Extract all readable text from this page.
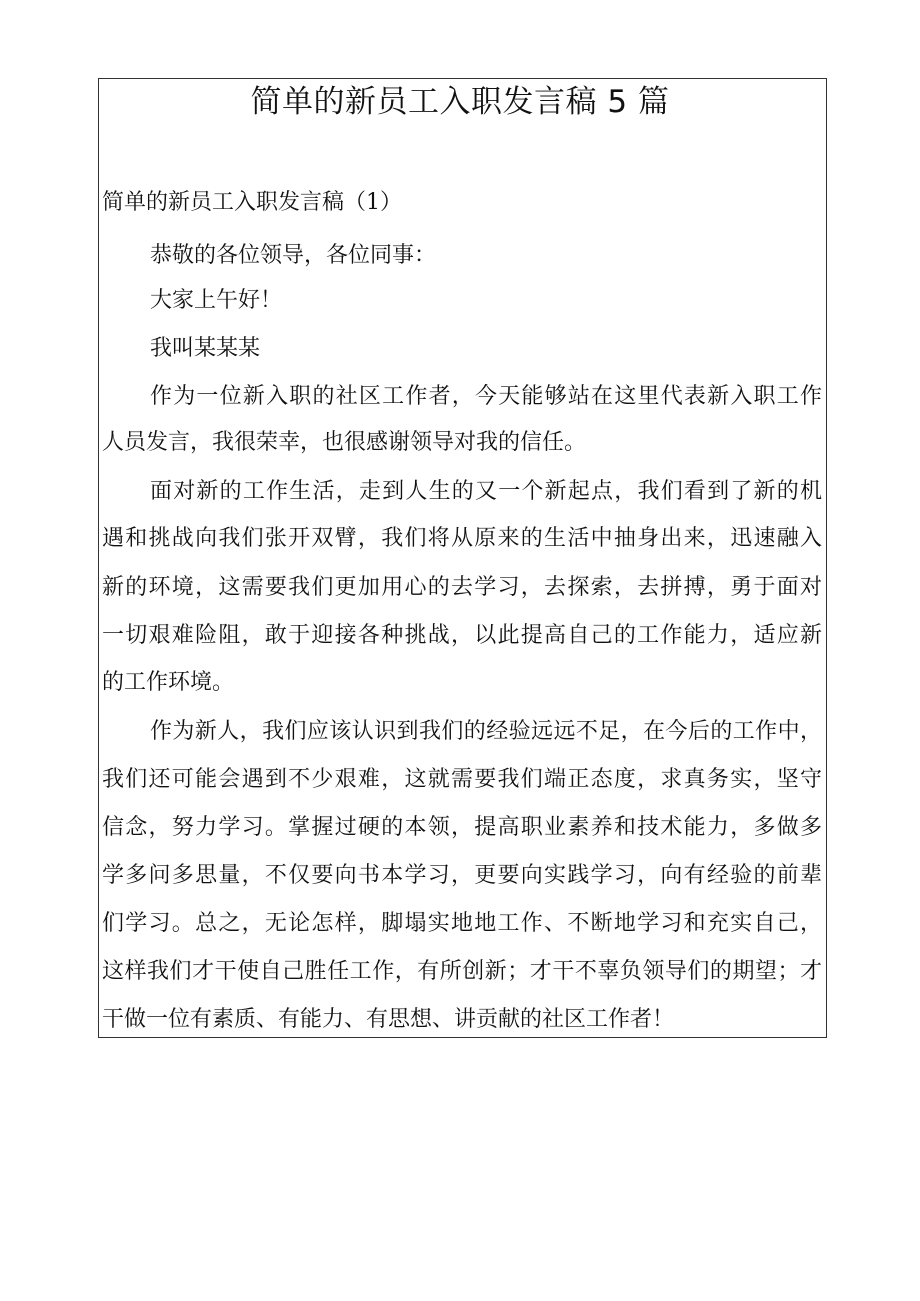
简单的新员工入职发言稿 5 篇
简单的新员工入职发言稿（1）
恭敬的各位领导，各位同事：
大家上午好！
我叫某某某
作为一位新入职的社区工作者，今天能够站在这里代表新入职工作
人员发言，我很荣幸，也很感谢领导对我的信任。
面对新的工作生活，走到人生的又一个新起点，我们看到了新的机
遇和挑战向我们张开双臂，我们将从原来的生活中抽身出来，迅速融入
新的环境，这需要我们更加用心的去学习，去探索，去拼搏，勇于面对
一切艰难险阻，敢于迎接各种挑战，以此提高自己的工作能力，适应新
的工作环境。
作为新人，我们应该认识到我们的经验远远不足，在今后的工作中，
我们还可能会遇到不少艰难，这就需要我们端正态度，求真务实，坚守
信念，努力学习。掌握过硬的本领，提高职业素养和技术能力，多做多
学多问多思量，不仅要向书本学习，更要向实践学习，向有经验的前辈
们学习。总之，无论怎样，脚塌实地地工作、不断地学习和充实自己，
这样我们才干使自己胜任工作，有所创新；才干不辜负领导们的期望；才
干做一位有素质、有能力、有思想、讲贡献的社区工作者！
